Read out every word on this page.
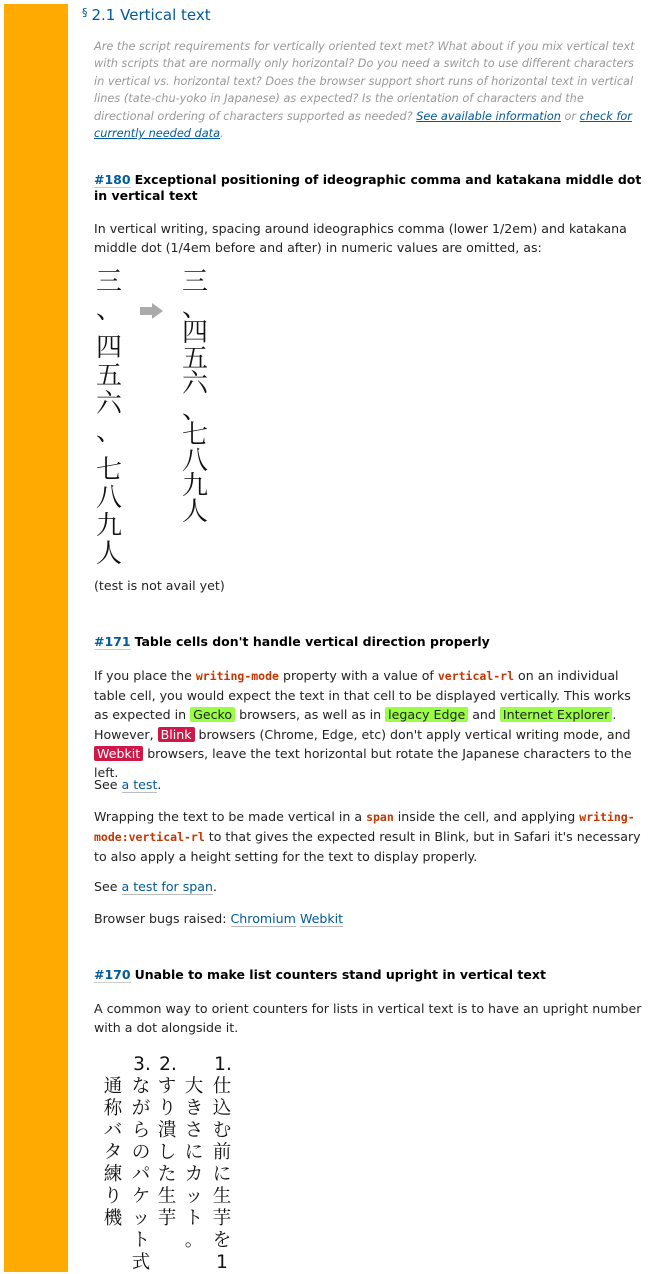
§ 2.1 Vertical text
Are the script requirements for vertically oriented text met? What about if you mix vertical text with scripts that are normally only horizontal? Do you need a switch to use different characters in vertical vs. horizontal text? Does the browser support short runs of horizontal text in vertical lines (tate-chu-yoko in Japanese) as expected? Is the orientation of characters and the directional ordering of characters supported as needed? See available information or check for currently needed data.
#180 Exceptional positioning of ideographic comma and katakana middle dot in vertical text
In vertical writing, spacing around ideographics comma (lower 1/2em) and katakana middle dot (1/4em before and after) in numeric values are omitted, as:
三
、
四
五
六
、
七
八
九
人
三
、
四
五
六
、
七
八
九
人
(test is not avail yet)
#171 Table cells don't handle vertical direction properly
If you place the writing-mode property with a value of vertical-rl on an individual table cell, you would expect the text in that cell to be displayed vertically. This works as expected in Gecko browsers, as well as in legacy Edge and Internet Explorer . However, Blink browsers (Chrome, Edge, etc) don't apply vertical writing mode, and Webkit browsers, leave the text horizontal but rotate the Japanese characters to the left.
See a test.
Wrapping the text to be made vertical in a span inside the cell, and applying writing-
mode:vertical-rl to that gives the expected result in Blink, but in Safari it's necessary to also apply a height setting for the text to display properly.
See a test for span.
Browser bugs raised: Chromium Webkit
#170 Unable to make list counters stand upright in vertical text
A common way to orient counters for lists in vertical text is to have an upright number with a dot alongside it.
1.
仕
込
む
前
に
生
芋
を
1
大
き
さ
に
カ
ッ
ト
。
2.
す
り
潰
し
た
生
芋
3.
な
が
ら
の
パ
ケ
ッ
ト
式
通
称
バ
タ
練
り
機
